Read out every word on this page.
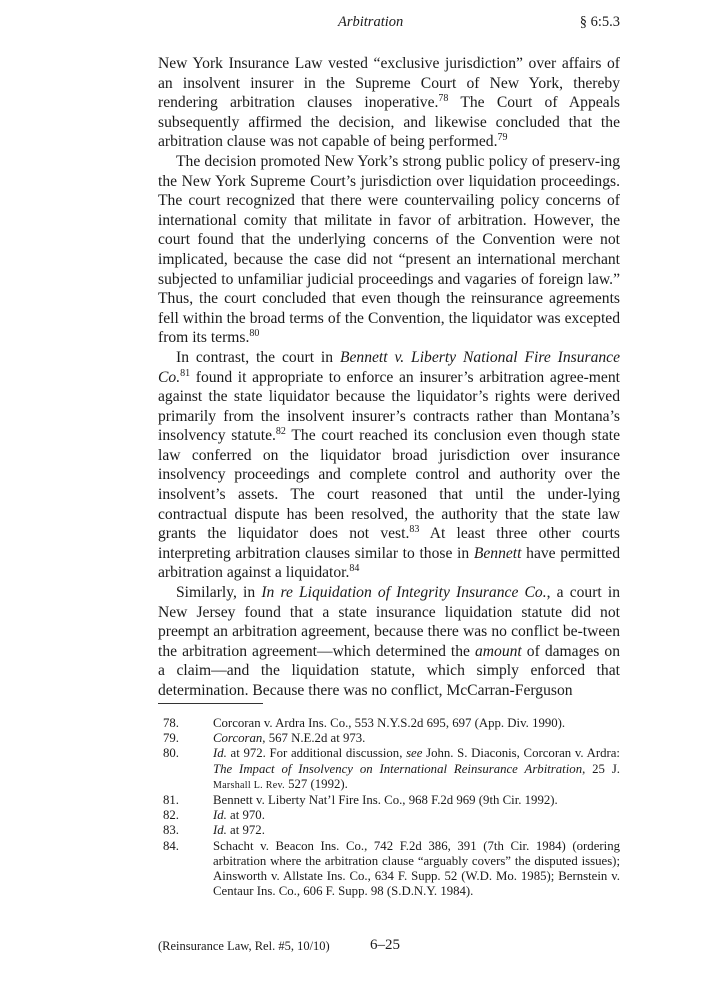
Arbitration	§ 6:5.3

New York Insurance Law vested “exclusive jurisdiction” over affairs of an insolvent insurer in the Supreme Court of New York, thereby rendering arbitration clauses inoperative.$^{78}$ The Court of Appeals subsequently affirmed the decision, and likewise concluded that the arbitration clause was not capable of being performed.$^{79}$

The decision promoted New York’s strong public policy of preserv-ing the New York Supreme Court’s jurisdiction over liquidation proceedings. The court recognized that there were countervailing policy concerns of international comity that militate in favor of arbitration. However, the court found that the underlying concerns of the Convention were not implicated, because the case did not “present an international merchant subjected to unfamiliar judicial proceedings and vagaries of foreign law.” Thus, the court concluded that even though the reinsurance agreements fell within the broad terms of the Convention, the liquidator was excepted from its terms.$^{80}$

In contrast, the court in Bennett v. Liberty National Fire Insurance Co.$^{81}$ found it appropriate to enforce an insurer’s arbitration agree-ment against the state liquidator because the liquidator’s rights were derived primarily from the insolvent insurer’s contracts rather than Montana’s insolvency statute.$^{82}$ The court reached its conclusion even though state law conferred on the liquidator broad jurisdiction over insurance insolvency proceedings and complete control and authority over the insolvent’s assets. The court reasoned that until the under-lying contractual dispute has been resolved, the authority that the state law grants the liquidator does not vest.$^{83}$ At least three other courts interpreting arbitration clauses similar to those in Bennett have permitted arbitration against a liquidator.$^{84}$

Similarly, in In re Liquidation of Integrity Insurance Co., a court in New Jersey found that a state insurance liquidation statute did not preempt an arbitration agreement, because there was no conflict be-tween the arbitration agreement—which determined the amount of damages on a claim—and the liquidation statute, which simply enforced that determination. Because there was no conflict, McCarran-Ferguson

78.	Corcoran v. Ardra Ins. Co., 553 N.Y.S.2d 695, 697 (App. Div. 1990).
79.	Corcoran, 567 N.E.2d at 973.
80.	Id. at 972. For additional discussion, see John. S. Diaconis, Corcoran v. Ardra: The Impact of Insolvency on International Reinsurance Arbitration, 25 J. Marshall L. Rev. 527 (1992).
81.	Bennett v. Liberty Nat’l Fire Ins. Co., 968 F.2d 969 (9th Cir. 1992).
82.	Id. at 970.
83.	Id. at 972.
84.	Schacht v. Beacon Ins. Co., 742 F.2d 386, 391 (7th Cir. 1984) (ordering arbitration where the arbitration clause “arguably covers” the disputed issues); Ainsworth v. Allstate Ins. Co., 634 F. Supp. 52 (W.D. Mo. 1985); Bernstein v. Centaur Ins. Co., 606 F. Supp. 98 (S.D.N.Y. 1984).
(Reinsurance Law, Rel. #5, 10/10)	6–25
